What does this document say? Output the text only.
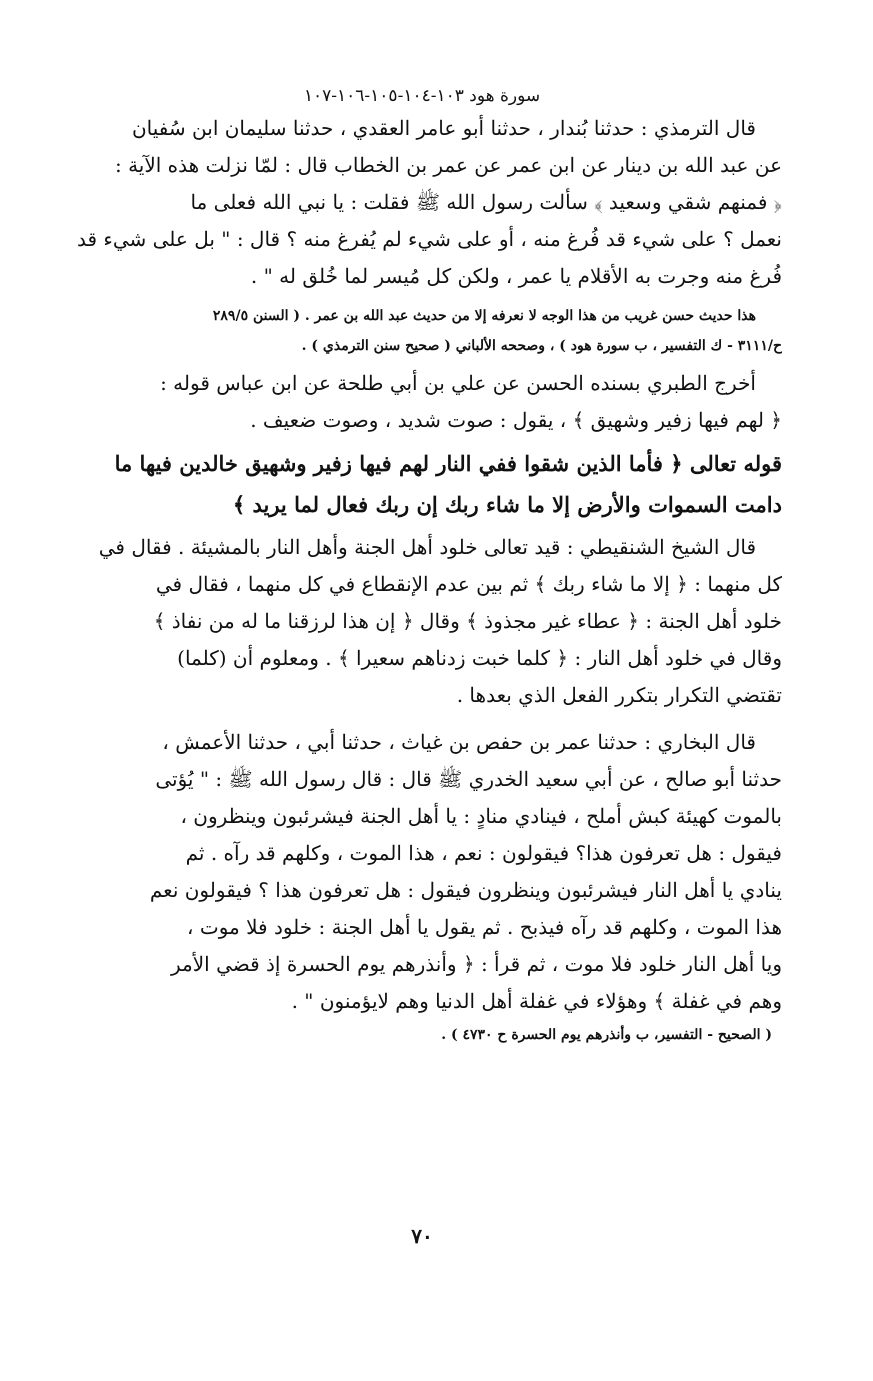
سورة هود ١٠٣-١٠٤-١٠٥-١٠٦-١٠٧
قال الترمذي : حدثنا بُندار ، حدثنا أبو عامر العقدي ، حدثنا سليمان ابن سُفيان
عن عبد الله بن دينار عن ابن عمر عن عمر بن الخطاب قال : لمّا نزلت هذه الآية :
﴿ فمنهم شقي وسعيد ﴾ سألت رسول الله ﷺ فقلت : يا نبي الله فعلى ما
نعمل ؟ على شيء قد فُرغ منه ، أو على شيء لم يُفرغ منه ؟ قال : " بل على شيء قد
فُرغ منه وجرت به الأقلام يا عمر ، ولكن كل مُيسر لما خُلق له " .
هذا حديث حسن غريب من هذا الوجه لا نعرفه إلا من حديث عبد الله بن عمر . ( السنن ٢٨٩/٥
ح/٣١١١ - ك التفسير ، ب سورة هود ) ، وصححه الألباني ( صحيح سنن الترمذي ) .
أخرج الطبري بسنده الحسن عن علي بن أبي طلحة عن ابن عباس قوله :
﴿ لهم فيها زفير وشهيق ﴾ ، يقول : صوت شديد ، وصوت ضعيف .
قوله تعالى ﴿ فأما الذين شقوا ففي النار لهم فيها زفير وشهيق خالدين فيها ما
دامت السموات والأرض إلا ما شاء ربك إن ربك فعال لما يريد ﴾
قال الشيخ الشنقيطي : قيد تعالى خلود أهل الجنة وأهل النار بالمشيئة . فقال في
كل منهما : ﴿ إلا ما شاء ربك ﴾ ثم بين عدم الإنقطاع في كل منهما ، فقال في
خلود أهل الجنة : ﴿ عطاء غير مجذوذ ﴾ وقال ﴿ إن هذا لرزقنا ما له من نفاذ ﴾
وقال في خلود أهل النار : ﴿ كلما خبت زدناهم سعيرا ﴾ . ومعلوم أن (كلما)
تقتضي التكرار بتكرر الفعل الذي بعدها .
قال البخاري : حدثنا عمر بن حفص بن غياث ، حدثنا أبي ، حدثنا الأعمش ،
حدثنا أبو صالح ، عن أبي سعيد الخدري ﷺ قال : قال رسول الله ﷺ : " يُؤتى
بالموت كهيئة كبش أملح ، فينادي منادٍ : يا أهل الجنة فيشرئبون وينظرون ،
فيقول : هل تعرفون هذا؟ فيقولون : نعم ، هذا الموت ، وكلهم قد رآه . ثم
ينادي يا أهل النار فيشرئبون وينظرون فيقول : هل تعرفون هذا ؟ فيقولون نعم
هذا الموت ، وكلهم قد رآه فيذبح . ثم يقول يا أهل الجنة : خلود فلا موت ،
ويا أهل النار خلود فلا موت ، ثم قرأ : ﴿ وأنذرهم يوم الحسرة إذ قضي الأمر
وهم في غفلة ﴾ وهؤلاء في غفلة أهل الدنيا وهم لايؤمنون " .
( الصحيح - التفسير، ب وأنذرهم يوم الحسرة ح ٤٧٣٠ ) .
٧٠
